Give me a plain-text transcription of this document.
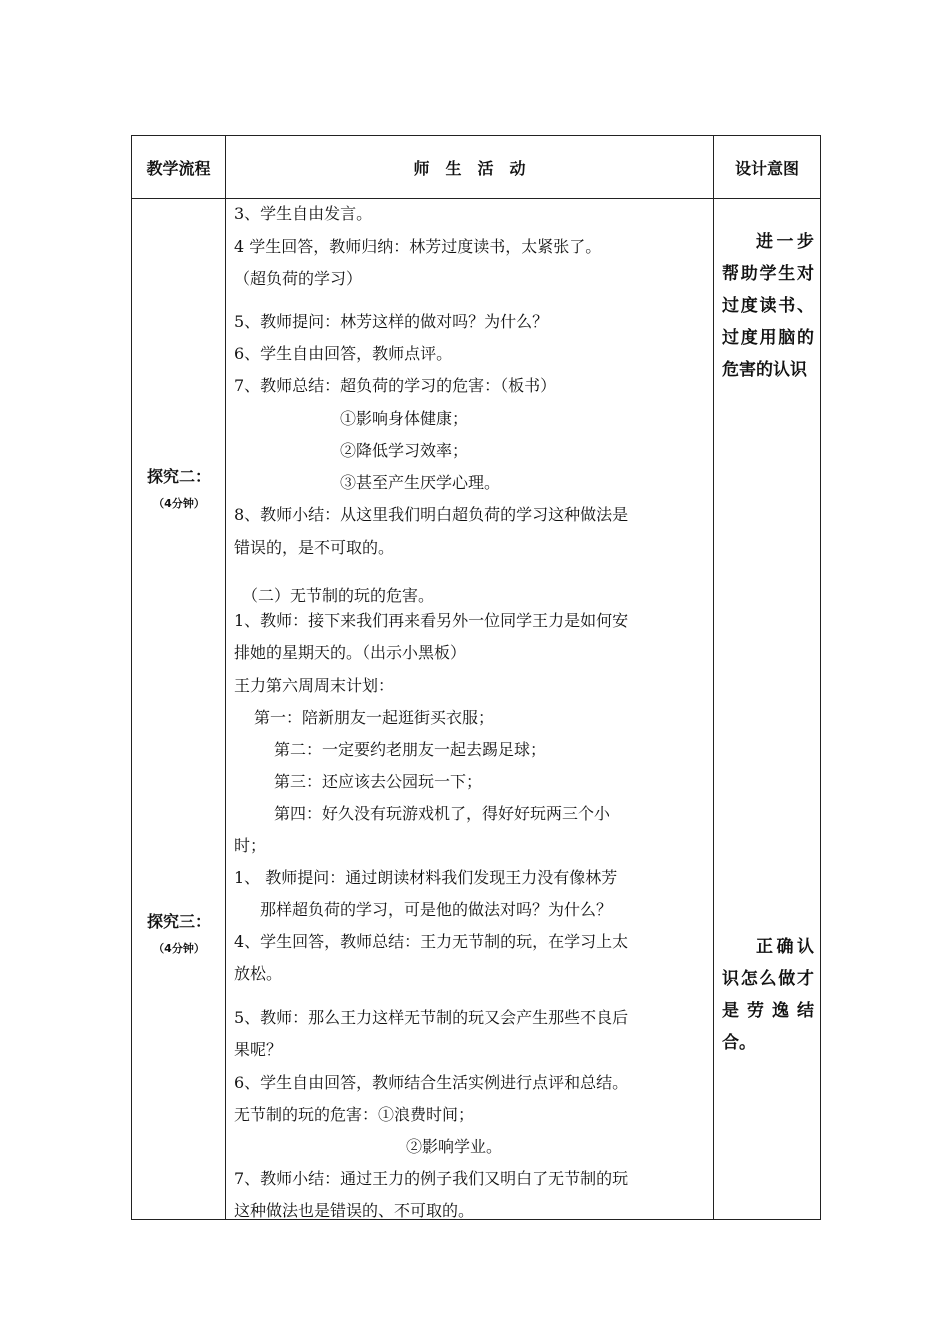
教学流程	师　生　活　动	设计意图
探究二：
（4分钟）
探究三：
（4分钟）
3、学生自由发言。
4 学生回答，教师归纳：林芳过度读书，太紧张了。
（超负荷的学习）
5、教师提问：林芳这样的做对吗？为什么？
6、学生自由回答，教师点评。
7、教师总结：超负荷的学习的危害：（板书）
①影响身体健康；
②降低学习效率；
③甚至产生厌学心理。
8、教师小结：从这里我们明白超负荷的学习这种做法是
错误的，是不可取的。
（二）无节制的玩的危害。
1、教师：接下来我们再来看另外一位同学王力是如何安
排她的星期天的。（出示小黑板）
王力第六周周末计划：
第一：陪新朋友一起逛街买衣服；
第二：一定要约老朋友一起去踢足球；
第三：还应该去公园玩一下；
第四：好久没有玩游戏机了，得好好玩两三个小
时；
1、 教师提问：通过朗读材料我们发现王力没有像林芳
那样超负荷的学习，可是他的做法对吗？为什么？
4、学生回答，教师总结：王力无节制的玩，在学习上太
放松。
5、教师：那么王力这样无节制的玩又会产生那些不良后
果呢？
6、学生自由回答，教师结合生活实例进行点评和总结。
无节制的玩的危害：①浪费时间；
②影响学业。
7、教师小结：通过王力的例子我们又明白了无节制的玩
这种做法也是错误的、不可取的。
进一步帮助学生对过度读书、过度用脑的危害的认识
正确认识怎么做才是劳逸结合。
